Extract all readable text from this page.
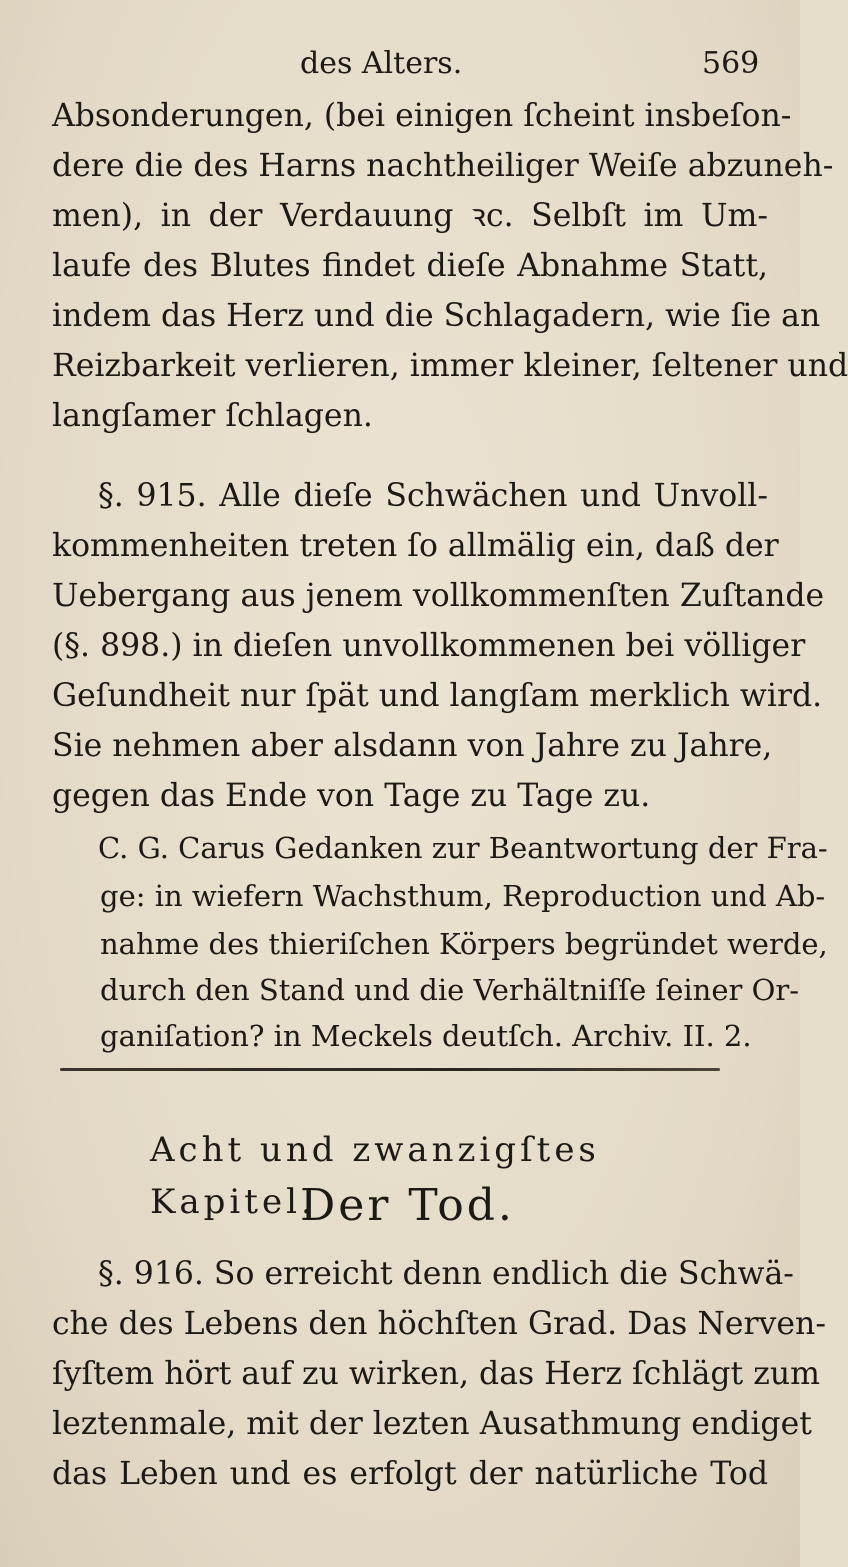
des Alters.	569
Absonderungen, (bei einigen ſcheint insbeſon-
dere die des Harns nachtheiliger Weiſe abzuneh-
men), in der Verdauung ꝛc. Selbſt im Um-
laufe des Blutes findet dieſe Abnahme Statt,
indem das Herz und die Schlagadern, wie ſie an
Reizbarkeit verlieren, immer kleiner, ſeltener und
langſamer ſchlagen.
§. 915. Alle dieſe Schwächen und Unvoll-
kommenheiten treten ſo allmälig ein, daß der
Uebergang aus jenem vollkommenſten Zuſtande
(§. 898.) in dieſen unvollkommenen bei völliger
Geſundheit nur ſpät und langſam merklich wird.
Sie nehmen aber alsdann von Jahre zu Jahre,
gegen das Ende von Tage zu Tage zu.
C. G. Carus Gedanken zur Beantwortung der Fra-
ge: in wiefern Wachsthum, Reproduction und Ab-
nahme des thieriſchen Körpers begründet werde,
durch den Stand und die Verhältniſſe ſeiner Or-
ganiſation? in Meckels deutſch. Archiv. II. 2.
Acht und zwanzigſtes Kapitel.
Der Tod.
§. 916. So erreicht denn endlich die Schwä-
che des Lebens den höchſten Grad. Das Nerven-
ſyſtem hört auf zu wirken, das Herz ſchlägt zum
leztenmale, mit der lezten Ausathmung endiget
das Leben und es erfolgt der natürliche Tod
